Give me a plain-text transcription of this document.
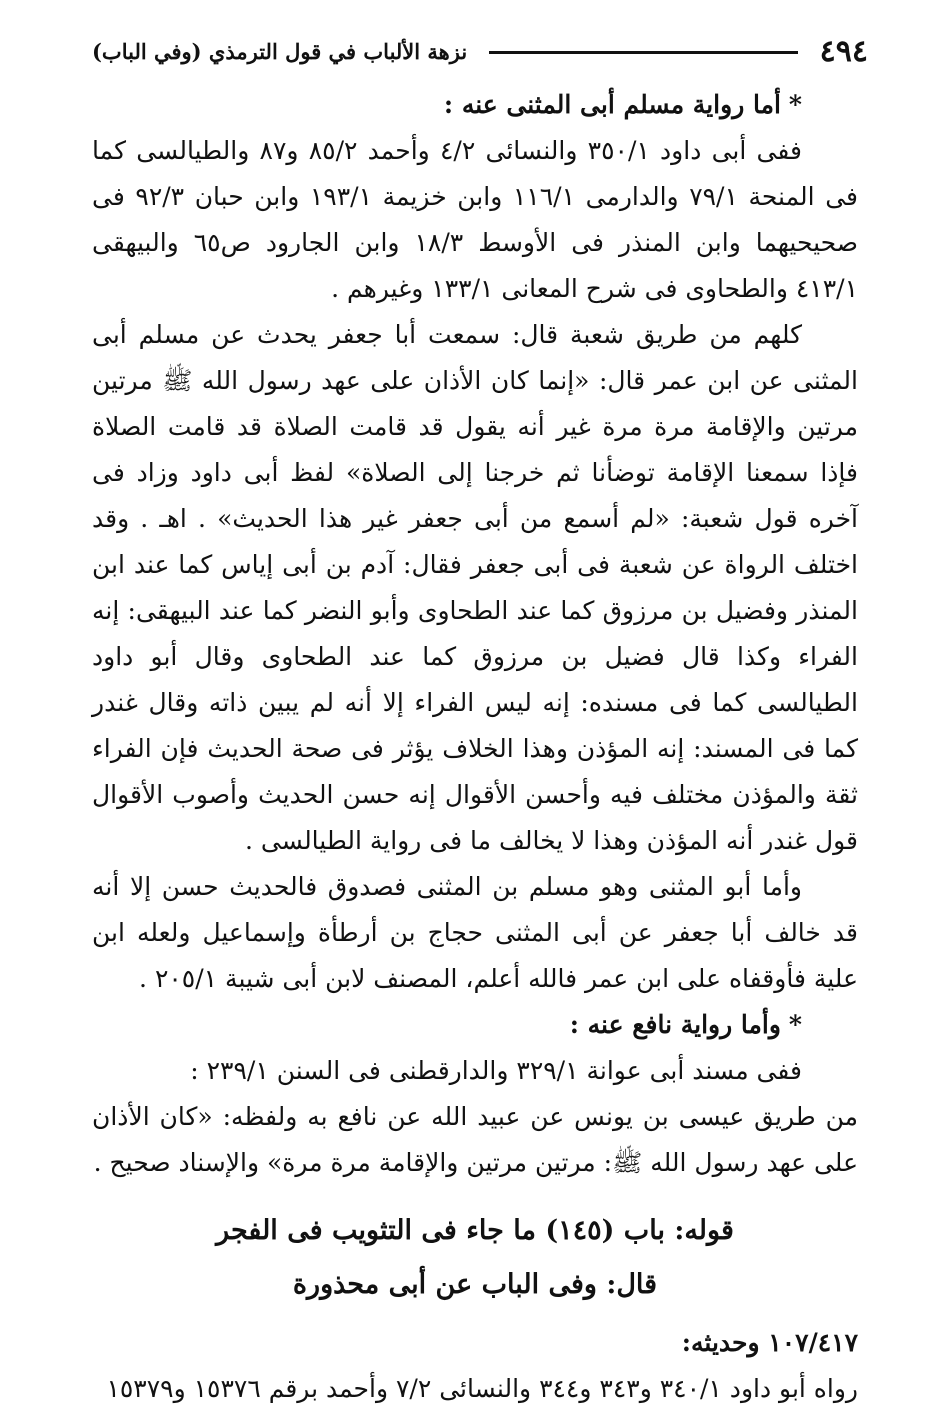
٤٩٤
نزهة الألباب في قول الترمذي (وفي الباب)

*أما رواية مسلم أبى المثنى عنه :

ففى أبى داود ٣٥٠/١ والنسائى ٤/٢ وأحمد ٨٥/٢ و٨٧ والطيالسى كما فى المنحة ٧٩/١ والدارمى ١١٦/١ وابن خزيمة ١٩٣/١ وابن حبان ٩٢/٣ فى صحيحيهما وابن المنذر فى الأوسط ١٨/٣ وابن الجارود ص٦٥ والبيهقى ٤١٣/١ والطحاوى فى شرح المعانى ١٣٣/١ وغيرهم .

كلهم من طريق شعبة قال: سمعت أبا جعفر يحدث عن مسلم أبى المثنى عن ابن عمر قال: «إنما كان الأذان على عهد رسول الله ﷺ مرتين مرتين والإقامة مرة مرة غير أنه يقول قد قامت الصلاة قد قامت الصلاة فإذا سمعنا الإقامة توضأنا ثم خرجنا إلى الصلاة» لفظ أبى داود وزاد فى آخره قول شعبة: «لم أسمع من أبى جعفر غير هذا الحديث» . اهـ . وقد اختلف الرواة عن شعبة فى أبى جعفر فقال: آدم بن أبى إياس كما عند ابن المنذر وفضيل بن مرزوق كما عند الطحاوى وأبو النضر كما عند البيهقى: إنه الفراء وكذا قال فضيل بن مرزوق كما عند الطحاوى وقال أبو داود الطيالسى كما فى مسنده: إنه ليس الفراء إلا أنه لم يبين ذاته وقال غندر كما فى المسند: إنه المؤذن وهذا الخلاف يؤثر فى صحة الحديث فإن الفراء ثقة والمؤذن مختلف فيه وأحسن الأقوال إنه حسن الحديث وأصوب الأقوال قول غندر أنه المؤذن وهذا لا يخالف ما فى رواية الطيالسى .

وأما أبو المثنى وهو مسلم بن المثنى فصدوق فالحديث حسن إلا أنه قد خالف أبا جعفر عن أبى المثنى حجاج بن أرطأة وإسماعيل ولعله ابن علية فأوقفاه على ابن عمر فالله أعلم، المصنف لابن أبى شيبة ٢٠٥/١ .

*وأما رواية نافع عنه :

ففى مسند أبى عوانة ٣٢٩/١ والدارقطنى فى السنن ٢٣٩/١ :

من طريق عيسى بن يونس عن عبيد الله عن نافع به ولفظه: «كان الأذان على عهد رسول الله ﷺ: مرتين مرتين والإقامة مرة مرة» والإسناد صحيح .

قوله: باب (١٤٥) ما جاء فى التثويب فى الفجر

قال: وفى الباب عن أبى محذورة

١٠٧/٤١٧ وحديثه:

رواه أبو داود ٣٤٠/١ و٣٤٣ و٣٤٤ والنسائى ٧/٢ وأحمد برقم ١٥٣٧٦ و١٥٣٧٩
